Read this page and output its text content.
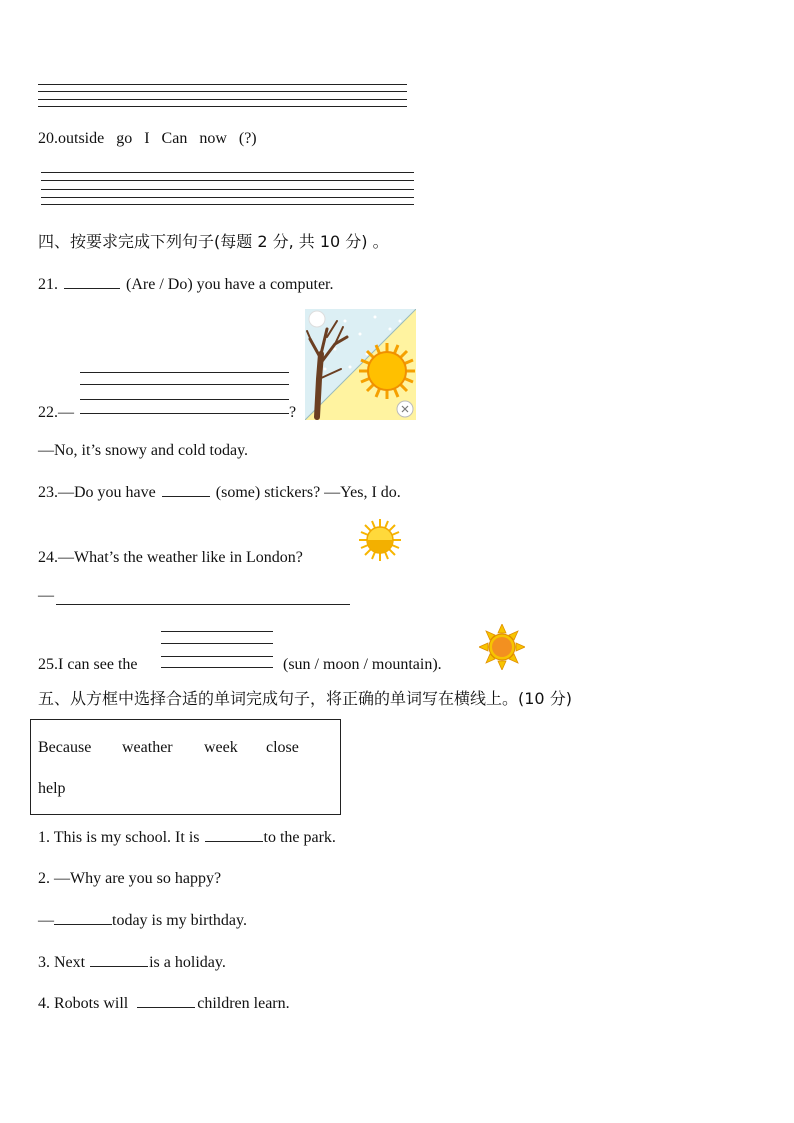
20.outside go I Can now (?)
四、按要求完成下列句子(每题 2 分, 共 10 分) 。
21.	(Are / Do) you have a computer.
22.—	?
—No, it’s snowy and cold today.
23.—Do you have	(some) stickers? —Yes, I do.
24.—What’s the weather like in London?
—
25.I can see the	(sun / moon / mountain).
五、从方框中选择合适的单词完成句子，将正确的单词写在横线上。(10 分)
Because weather week close
help
1. This is my school. It is	to the park.
2. —Why are you so happy?
—	today is my birthday.
3. Next	is a holiday.
4. Robots will	children learn.
